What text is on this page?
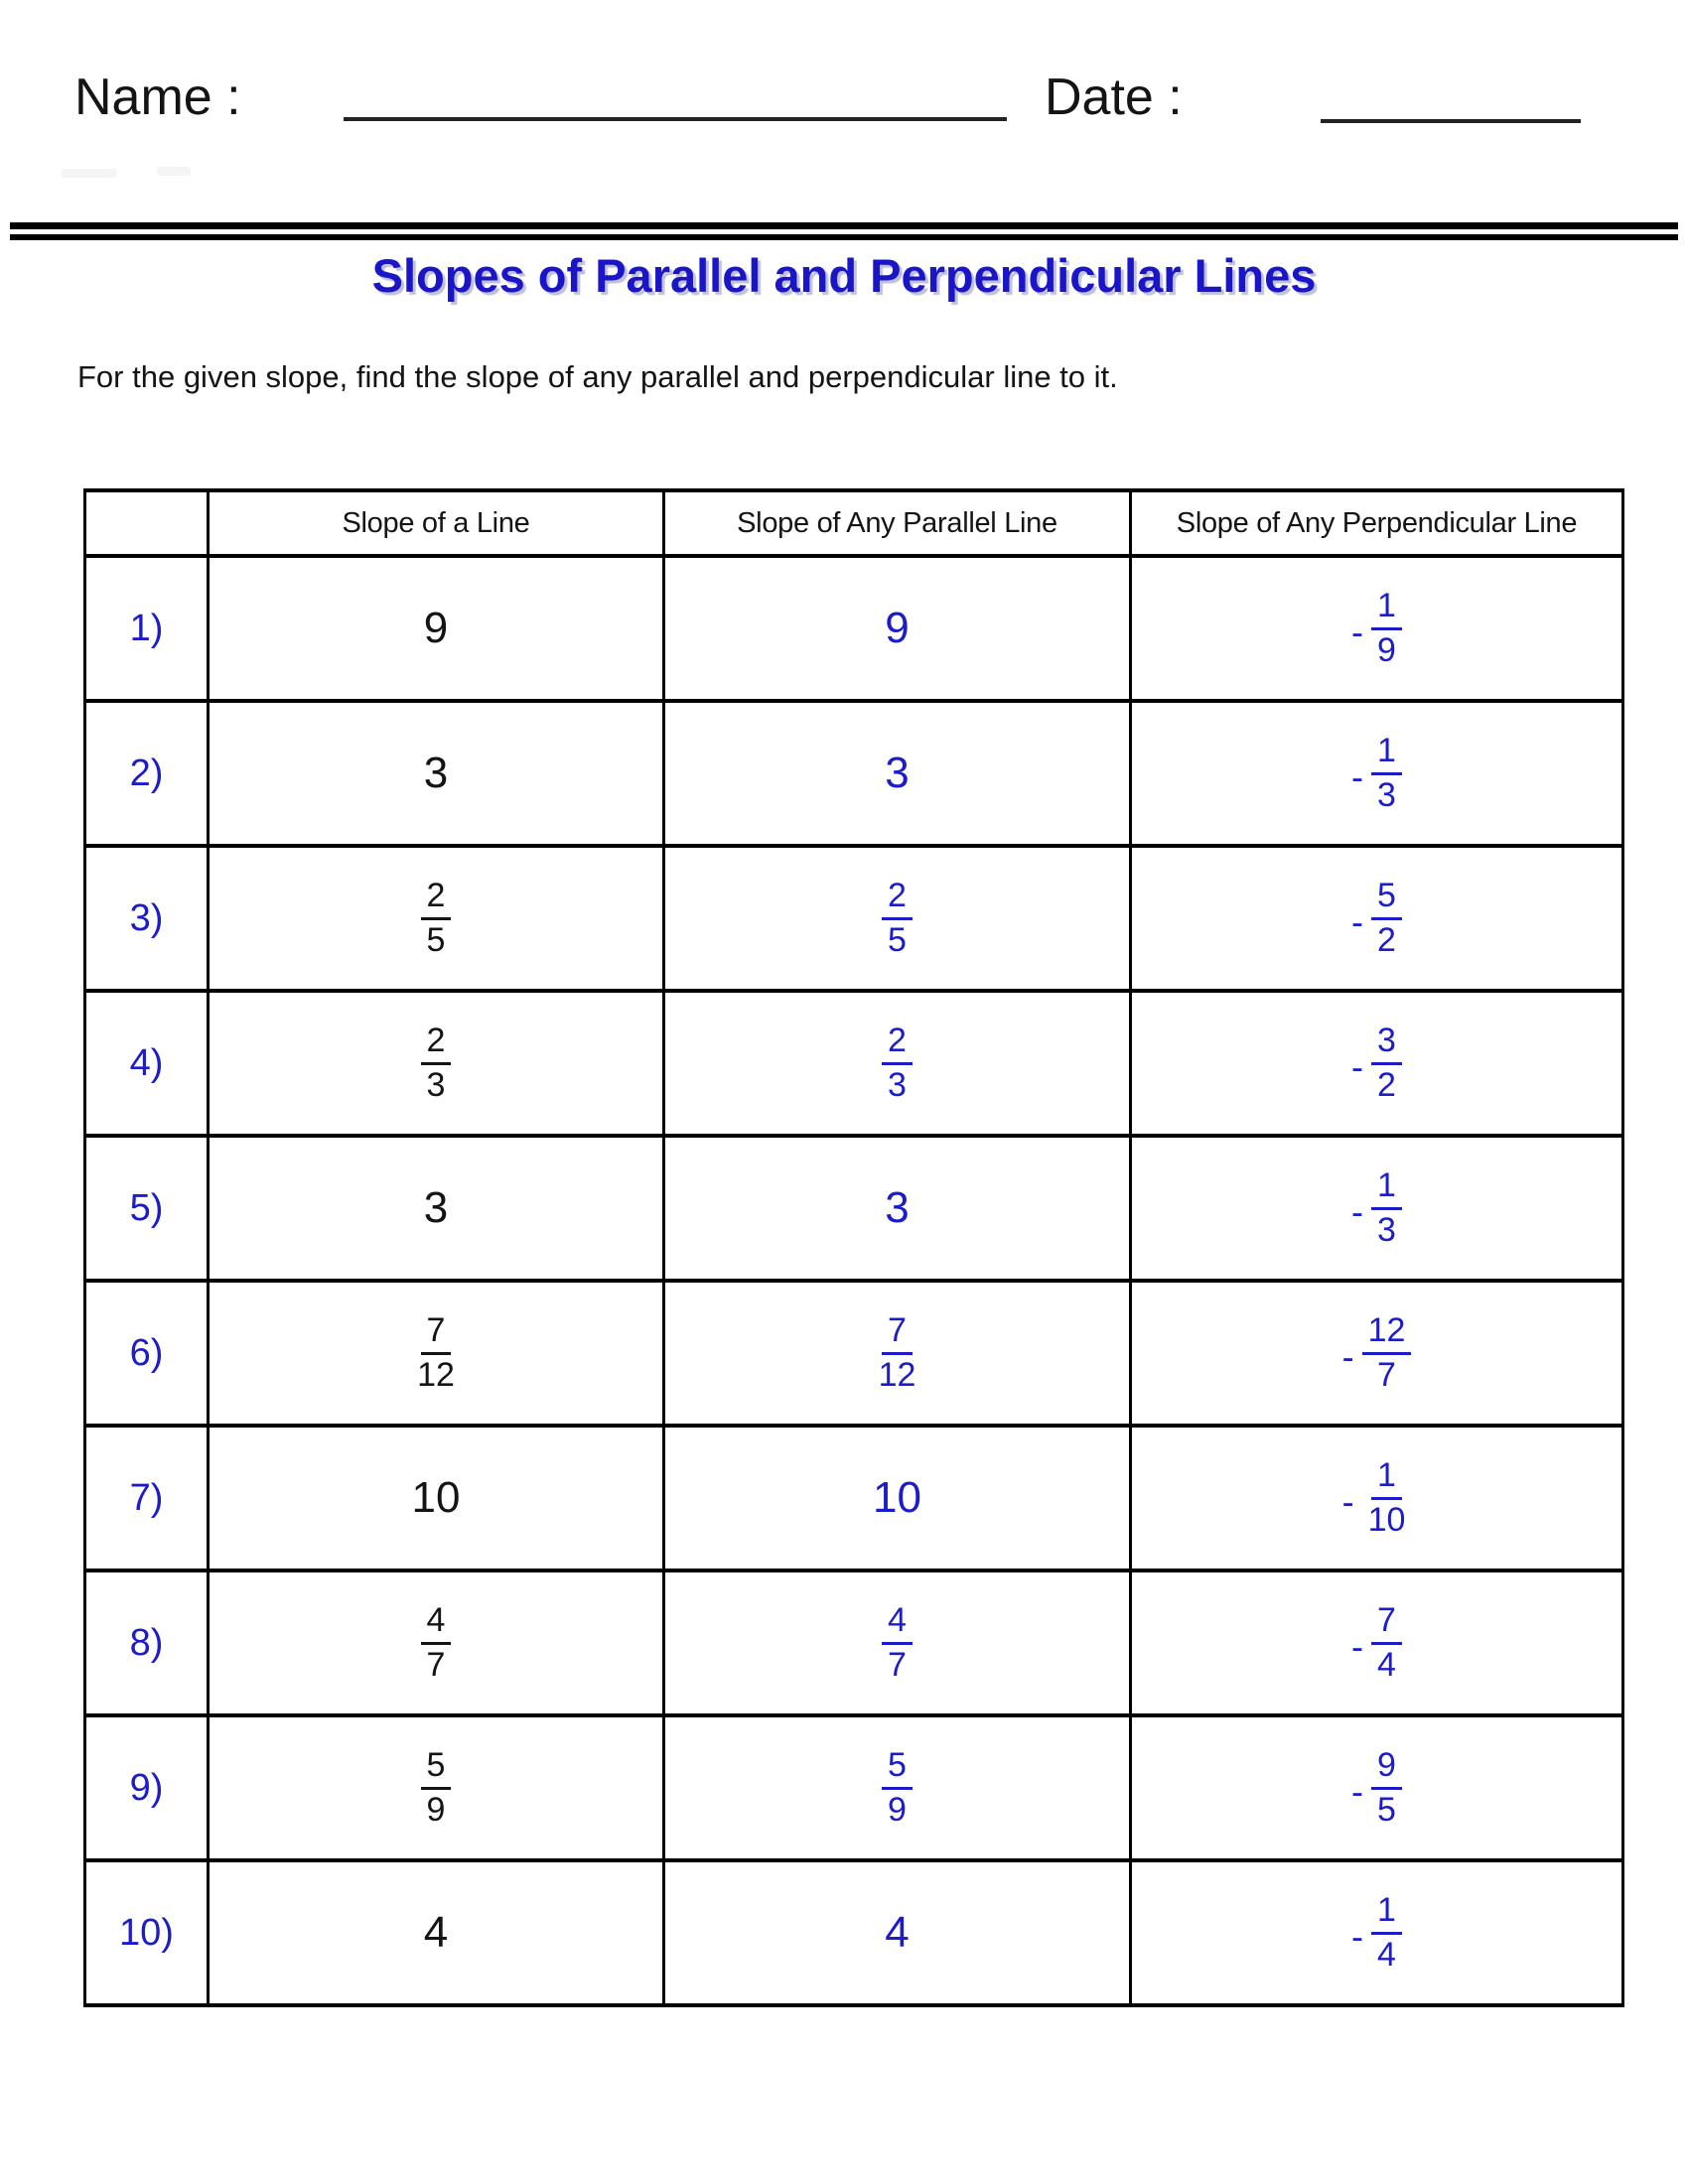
Name :	Date :
Slopes of Parallel and Perpendicular Lines

For the given slope, find the slope of any parallel and perpendicular line to it.

	Slope of a Line	Slope of Any Parallel Line	Slope of Any Perpendicular Line
1)	9	9	- $\frac{1}{9}$

2)	3	3	- $\frac{1}{3}$

3)	$\frac{2}{5}$	$\frac{2}{5}$	- $\frac{5}{2}$

4)	$\frac{2}{3}$	$\frac{2}{3}$	- $\frac{3}{2}$

5)	3	3	- $\frac{1}{3}$

6)	$\frac{7}{12}$	$\frac{7}{12}$	- $\frac{12}{7}$

7)	10	10	- $\frac{1}{10}$

8)	$\frac{4}{7}$	$\frac{4}{7}$	- $\frac{7}{4}$

9)	$\frac{5}{9}$	$\frac{5}{9}$	- $\frac{9}{5}$

10)	4	4	- $\frac{1}{4}$
